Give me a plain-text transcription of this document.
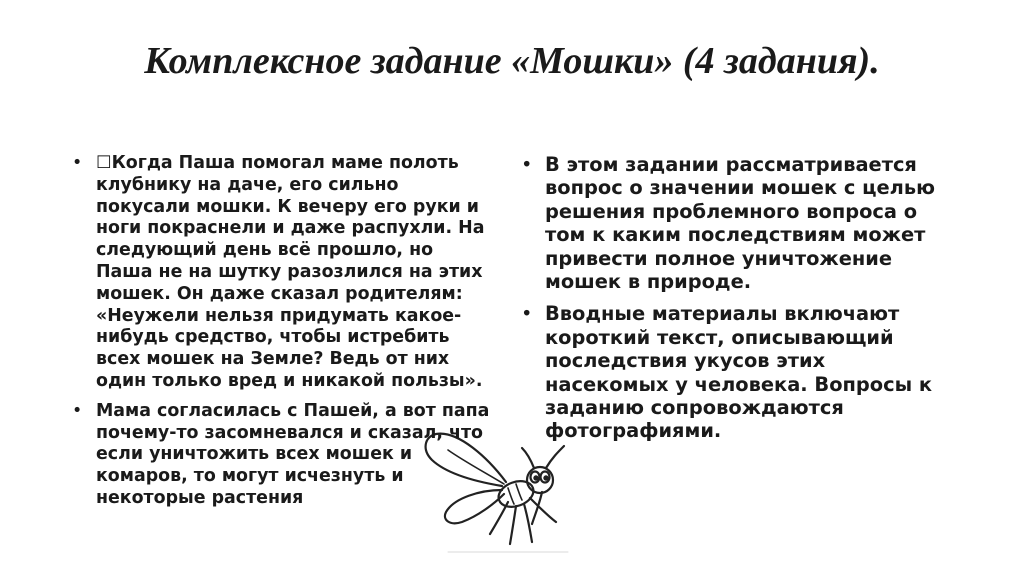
Комплексное задание «Мошки» (4 задания).
• ☐Когда Паша помогал маме полоть клубнику на даче, его сильно покусали мошки. К вечеру его руки и ноги покраснели и даже распухли. На следующий день всё прошло, но Паша не на шутку разозлился на этих мошек. Он даже сказал родителям: «Неужели нельзя придумать какое-нибудь средство, чтобы истребить всех мошек на Земле? Ведь от них один только вред и никакой пользы».
• Мама согласилась с Пашей, а вот папа почему-то засомневался и сказал, что если уничтожить всех мошек и комаров, то могут исчезнуть и некоторые растения
• В этом задании рассматривается вопрос о значении мошек с целью решения проблемного вопроса о том к каким последствиям может привести полное уничтожение мошек в природе.
• Вводные материалы включают короткий текст, описывающий последствия укусов этих насекомых у человека. Вопросы к заданию сопровождаются фотографиями.
